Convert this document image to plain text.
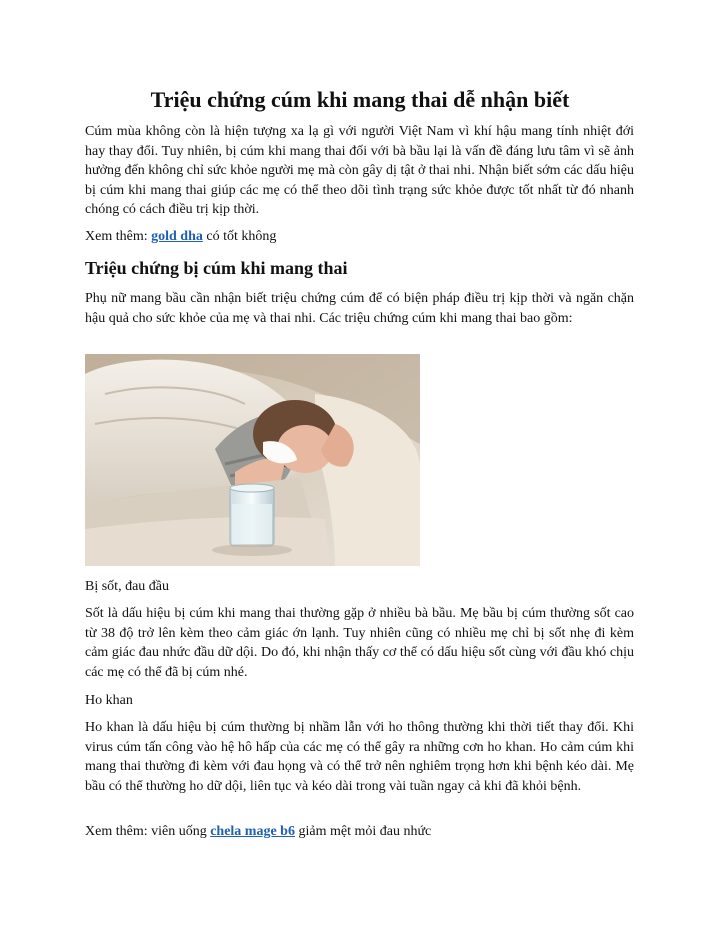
Triệu chứng cúm khi mang thai dễ nhận biết

Cúm mùa không còn là hiện tượng xa lạ gì với người Việt Nam vì khí hậu mang tính nhiệt đới hay thay đổi. Tuy nhiên, bị cúm khi mang thai đối với bà bầu lại là vấn đề đáng lưu tâm vì sẽ ảnh hưởng đến không chỉ sức khỏe người mẹ mà còn gây dị tật ở thai nhi. Nhận biết sớm các dấu hiệu bị cúm khi mang thai giúp các mẹ có thể theo dõi tình trạng sức khỏe được tốt nhất từ đó nhanh chóng có cách điều trị kịp thời.

Xem thêm: gold dha có tốt không

Triệu chứng bị cúm khi mang thai

Phụ nữ mang bầu cần nhận biết triệu chứng cúm để có biện pháp điều trị kịp thời và ngăn chặn hậu quả cho sức khỏe của mẹ và thai nhi. Các triệu chứng cúm khi mang thai bao gồm:

Bị sốt, đau đầu

Sốt là dấu hiệu bị cúm khi mang thai thường gặp ở nhiều bà bầu. Mẹ bầu bị cúm thường sốt cao từ 38 độ trở lên kèm theo cảm giác ớn lạnh. Tuy nhiên cũng có nhiều mẹ chỉ bị sốt nhẹ đi kèm cảm giác đau nhức đầu dữ dội. Do đó, khi nhận thấy cơ thể có dấu hiệu sốt cùng với đầu khó chịu các mẹ có thể đã bị cúm nhé.

Ho khan

Ho khan là dấu hiệu bị cúm thường bị nhầm lẫn với ho thông thường khi thời tiết thay đổi. Khi virus cúm tấn công vào hệ hô hấp của các mẹ có thể gây ra những cơn ho khan. Ho cảm cúm khi mang thai thường đi kèm với đau họng và có thể trở nên nghiêm trọng hơn khi bệnh kéo dài. Mẹ bầu có thể thường ho dữ dội, liên tục và kéo dài trong vài tuần ngay cả khi đã khỏi bệnh.

Xem thêm: viên uống chela mage b6 giảm mệt mỏi đau nhức
